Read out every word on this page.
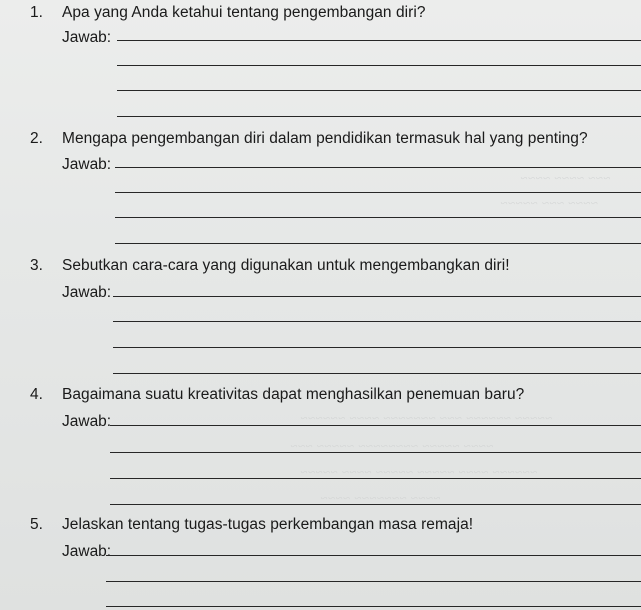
~~~ ~~~~ ~~~~
~~~~ ~~~ ~~~~~
~~~~~ ~~~~~~ ~~~ ~~~~~~~ ~~~~ ~~~~~~
~~~~ ~~~~~ ~~~~~~~~ ~~~~~ ~~~
~~~~~~ ~~~~ ~~~~~ ~~~~~ ~~~~ ~~~~~
~~~~ ~~~~~~~ ~~~~
1. Apa yang Anda ketahui tentang pengembangan diri?
Jawab:
2. Mengapa pengembangan diri dalam pendidikan termasuk hal yang penting?
Jawab:
3. Sebutkan cara-cara yang digunakan untuk mengembangkan diri!
Jawab:
4. Bagaimana suatu kreativitas dapat menghasilkan penemuan baru?
Jawab:
5. Jelaskan tentang tugas-tugas perkembangan masa remaja!
Jawab:
